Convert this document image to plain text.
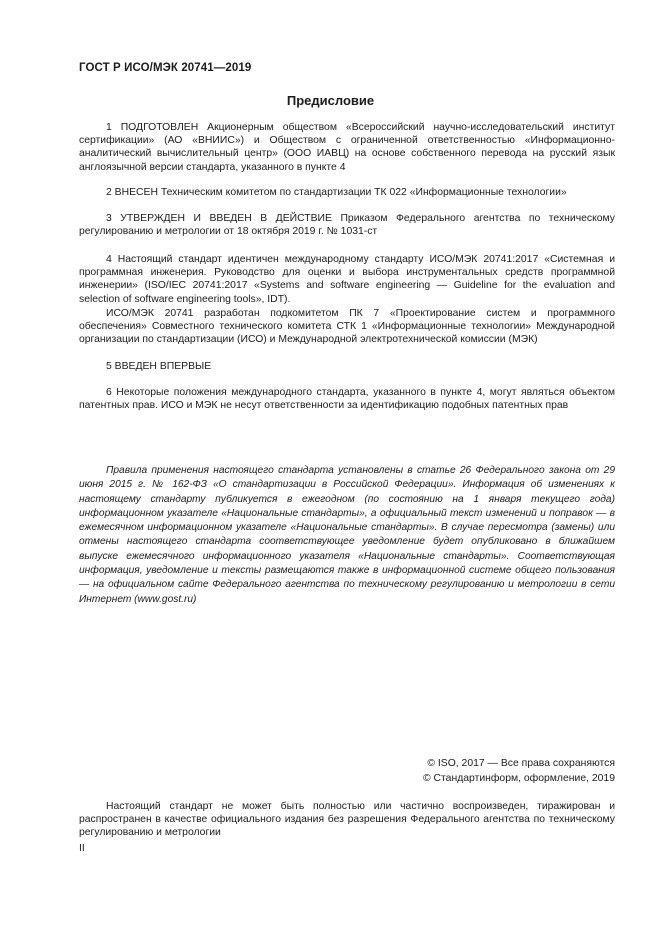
ГОСТ Р ИСО/МЭК 20741—2019
Предисловие

1 ПОДГОТОВЛЕН Акционерным обществом «Всероссийский научно-исследовательский институт сертификации» (АО «ВНИИС») и Обществом с ограниченной ответственностью «Информационно-аналитический вычислительный центр» (ООО ИАВЦ) на основе собственного перевода на русский язык англоязычной версии стандарта, указанного в пункте 4

2 ВНЕСЕН Техническим комитетом по стандартизации ТК 022 «Информационные технологии»

3 УТВЕРЖДЕН И ВВЕДЕН В ДЕЙСТВИЕ Приказом Федерального агентства по техническому регулированию и метрологии от 18 октября 2019 г. № 1031-ст

4 Настоящий стандарт идентичен международному стандарту ИСО/МЭК 20741:2017 «Системная и программная инженерия. Руководство для оценки и выбора инструментальных средств программной инженерии» (ISO/IEC 20741:2017 «Systems and software engineering — Guideline for the evaluation and selection of software engineering tools», IDT).

ИСО/МЭК 20741 разработан подкомитетом ПК 7 «Проектирование систем и программного обеспечения» Совместного технического комитета СТК 1 «Информационные технологии» Международной организации по стандартизации (ИСО) и Международной электротехнической комиссии (МЭК)

5 ВВЕДЕН ВПЕРВЫЕ

6 Некоторые положения международного стандарта, указанного в пункте 4, могут являться объектом патентных прав. ИСО и МЭК не несут ответственности за идентификацию подобных патентных прав

Правила применения настоящего стандарта установлены в статье 26 Федерального закона от 29 июня 2015 г. № 162-ФЗ «О стандартизации в Российской Федерации». Информация об изменениях к настоящему стандарту публикуется в ежегодном (по состоянию на 1 января текущего года) информационном указателе «Национальные стандарты», а официальный текст изменений и поправок — в ежемесячном информационном указателе «Национальные стандарты». В случае пересмотра (замены) или отмены настоящего стандарта соответствующее уведомление будет опубликовано в ближайшем выпуске ежемесячного информационного указателя «Национальные стандарты». Соответствующая информация, уведомление и тексты размещаются также в информационной системе общего пользования — на официальном сайте Федерального агентства по техническому регулированию и метрологии в сети Интернет (www.gost.ru)

© ISO, 2017 — Все права сохраняются
© Стандартинформ, оформление, 2019

Настоящий стандарт не может быть полностью или частично воспроизведен, тиражирован и распространен в качестве официального издания без разрешения Федерального агентства по техническому регулированию и метрологии

II
